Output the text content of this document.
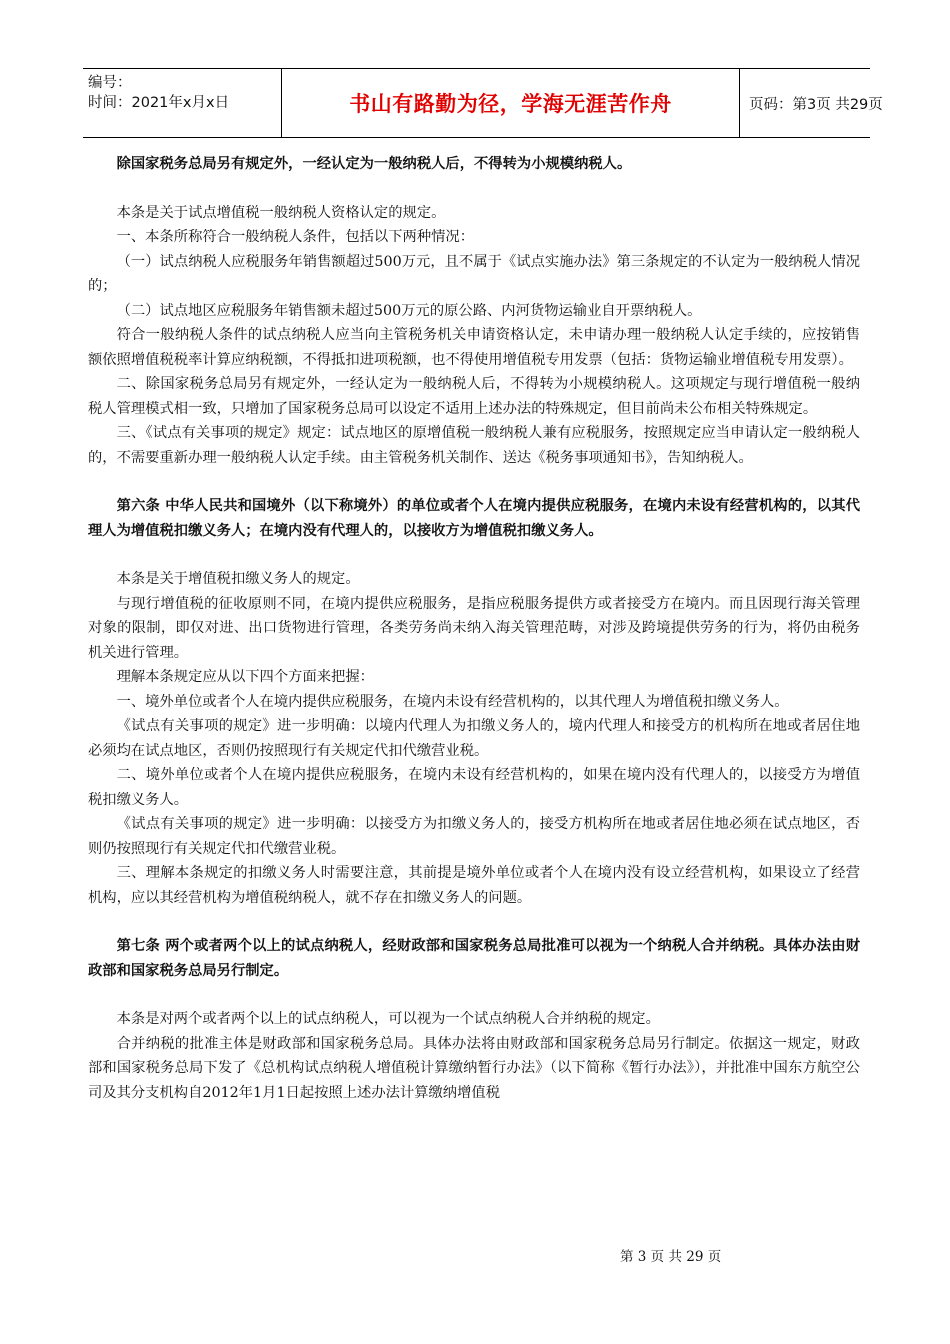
编号：
时间：2021年x月x日	书山有路勤为径，学海无涯苦作舟	页码：第3页 共29页

除国家税务总局另有规定外，一经认定为一般纳税人后，不得转为小规模纳税人。

本条是关于试点增值税一般纳税人资格认定的规定。

一、本条所称符合一般纳税人条件，包括以下两种情况：

（一）试点纳税人应税服务年销售额超过500万元，且不属于《试点实施办法》第三条规定的不认定为一般纳税人情况的；

（二）试点地区应税服务年销售额未超过500万元的原公路、内河货物运输业自开票纳税人。

符合一般纳税人条件的试点纳税人应当向主管税务机关申请资格认定，未申请办理一般纳税人认定手续的，应按销售额依照增值税税率计算应纳税额，不得抵扣进项税额，也不得使用增值税专用发票（包括：货物运输业增值税专用发票）。

二、除国家税务总局另有规定外，一经认定为一般纳税人后，不得转为小规模纳税人。这项规定与现行增值税一般纳税人管理模式相一致，只增加了国家税务总局可以设定不适用上述办法的特殊规定，但目前尚未公布相关特殊规定。

三、《试点有关事项的规定》规定：试点地区的原增值税一般纳税人兼有应税服务，按照规定应当申请认定一般纳税人的，不需要重新办理一般纳税人认定手续。由主管税务机关制作、送达《税务事项通知书》，告知纳税人。

第六条 中华人民共和国境外（以下称境外）的单位或者个人在境内提供应税服务，在境内未设有经营机构的，以其代理人为增值税扣缴义务人；在境内没有代理人的，以接收方为增值税扣缴义务人。

本条是关于增值税扣缴义务人的规定。

与现行增值税的征收原则不同，在境内提供应税服务，是指应税服务提供方或者接受方在境内。而且因现行海关管理对象的限制，即仅对进、出口货物进行管理，各类劳务尚未纳入海关管理范畴，对涉及跨境提供劳务的行为，将仍由税务机关进行管理。

理解本条规定应从以下四个方面来把握：

一、境外单位或者个人在境内提供应税服务，在境内未设有经营机构的，以其代理人为增值税扣缴义务人。

《试点有关事项的规定》进一步明确：以境内代理人为扣缴义务人的，境内代理人和接受方的机构所在地或者居住地必须均在试点地区，否则仍按照现行有关规定代扣代缴营业税。

二、境外单位或者个人在境内提供应税服务，在境内未设有经营机构的，如果在境内没有代理人的，以接受方为增值税扣缴义务人。

《试点有关事项的规定》进一步明确：以接受方为扣缴义务人的，接受方机构所在地或者居住地必须在试点地区，否则仍按照现行有关规定代扣代缴营业税。

三、理解本条规定的扣缴义务人时需要注意，其前提是境外单位或者个人在境内没有设立经营机构，如果设立了经营机构，应以其经营机构为增值税纳税人，就不存在扣缴义务人的问题。

第七条 两个或者两个以上的试点纳税人，经财政部和国家税务总局批准可以视为一个纳税人合并纳税。具体办法由财政部和国家税务总局另行制定。

本条是对两个或者两个以上的试点纳税人，可以视为一个试点纳税人合并纳税的规定。

合并纳税的批准主体是财政部和国家税务总局。具体办法将由财政部和国家税务总局另行制定。依据这一规定，财政部和国家税务总局下发了《总机构试点纳税人增值税计算缴纳暂行办法》（以下简称《暂行办法》），并批准中国东方航空公司及其分支机构自2012年1月1日起按照上述办法计算缴纳增值税

第 3 页 共 29 页
